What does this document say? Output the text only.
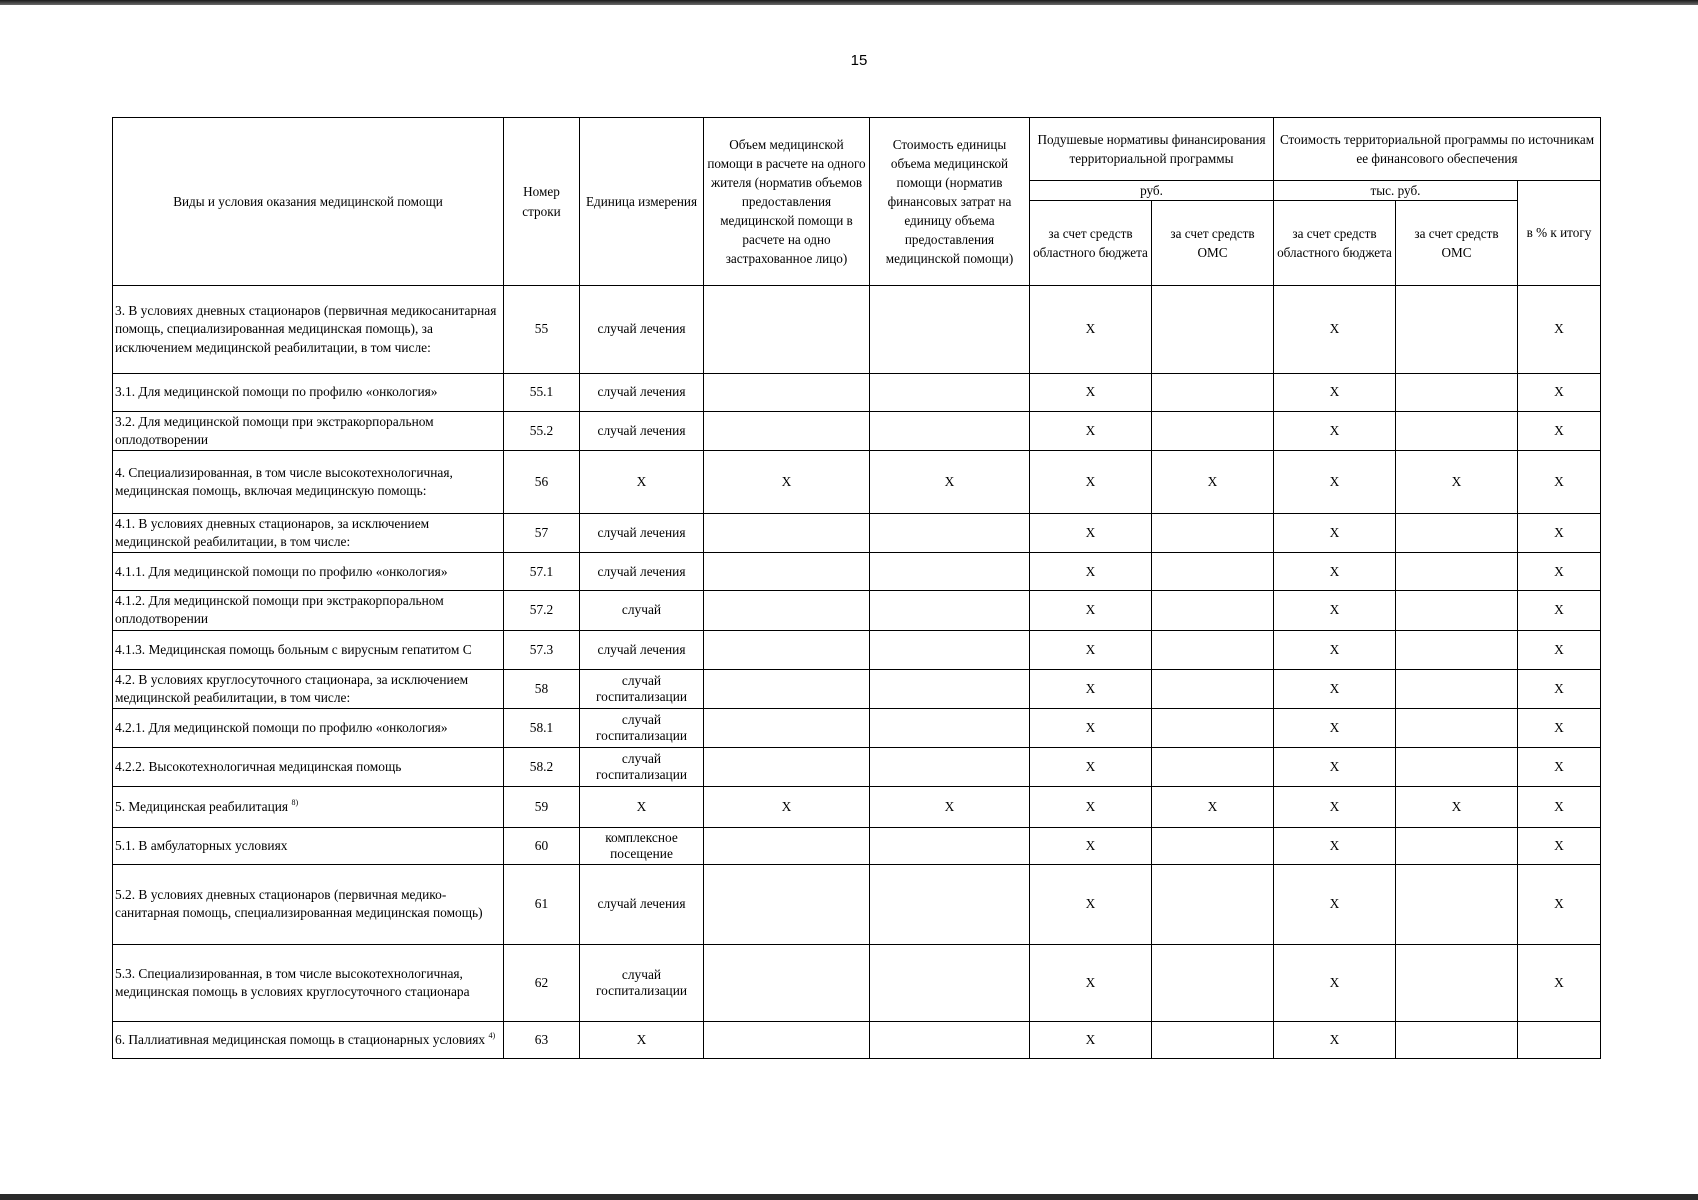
15
Виды и условия оказания медицинской помощи	Номер строки	Единица измерения	Объем медицинской помощи в расчете на одного жителя (норматив объемов предоставления медицинской помощи в расчете на одно застрахованное лицо)	Стоимость единицы объема медицинской помощи (норматив финансовых затрат на единицу объема предоставления медицинской помощи)	Подушевые нормативы финансирования территориальной программы		Стоимость территориальной программы по источникам ее финансового обеспечения		
					руб.		тыс. руб.		в % к итогу
					за счет средств областного бюджета	за счет средств ОМС	за счет средств областного бюджета	за счет средств ОМС	
3. В условиях дневных стационаров (первичная медикосанитарная помощь, специализированная медицинская помощь), за исключением медицинской реабилитации, в том числе:	55	случай лечения			X		X		X
3.1. Для медицинской помощи по профилю «онкология»	55.1	случай лечения			X		X		X
3.2. Для медицинской помощи при экстракорпоральном оплодотворении	55.2	случай лечения			X		X		X
4. Специализированная, в том числе высокотехнологичная, медицинская помощь, включая медицинскую помощь:	56	X	X	X	X	X	X	X	X
4.1. В условиях дневных стационаров, за исключением медицинской реабилитации, в том числе:	57	случай лечения			X		X		X
4.1.1. Для медицинской помощи по профилю «онкология»	57.1	случай лечения			X		X		X
4.1.2. Для медицинской помощи при экстракорпоральном оплодотворении	57.2	случай			X		X		X
4.1.3. Медицинская помощь больным с вирусным гепатитом С	57.3	случай лечения			X		X		X
4.2. В условиях круглосуточного стационара, за исключением медицинской реабилитации, в том числе:	58	случай госпитализации			X		X		X
4.2.1. Для медицинской помощи по профилю «онкология»	58.1	случай госпитализации			X		X		X
4.2.2. Высокотехнологичная медицинская помощь	58.2	случай госпитализации			X		X		X
5. Медицинская реабилитация $^{8)}$	59	X	X	X	X	X	X	X	X
5.1. В амбулаторных условиях	60	комплексное посещение			X		X		X
5.2. В условиях дневных стационаров (первичная медико-санитарная помощь, специализированная медицинская помощь)	61	случай лечения			X		X		X
5.3. Специализированная, в том числе высокотехнологичная, медицинская помощь в условиях круглосуточного стационара	62	случай госпитализации			X		X		X
6. Паллиативная медицинская помощь в стационарных условиях $^{4)}$	63	X			X		X		
